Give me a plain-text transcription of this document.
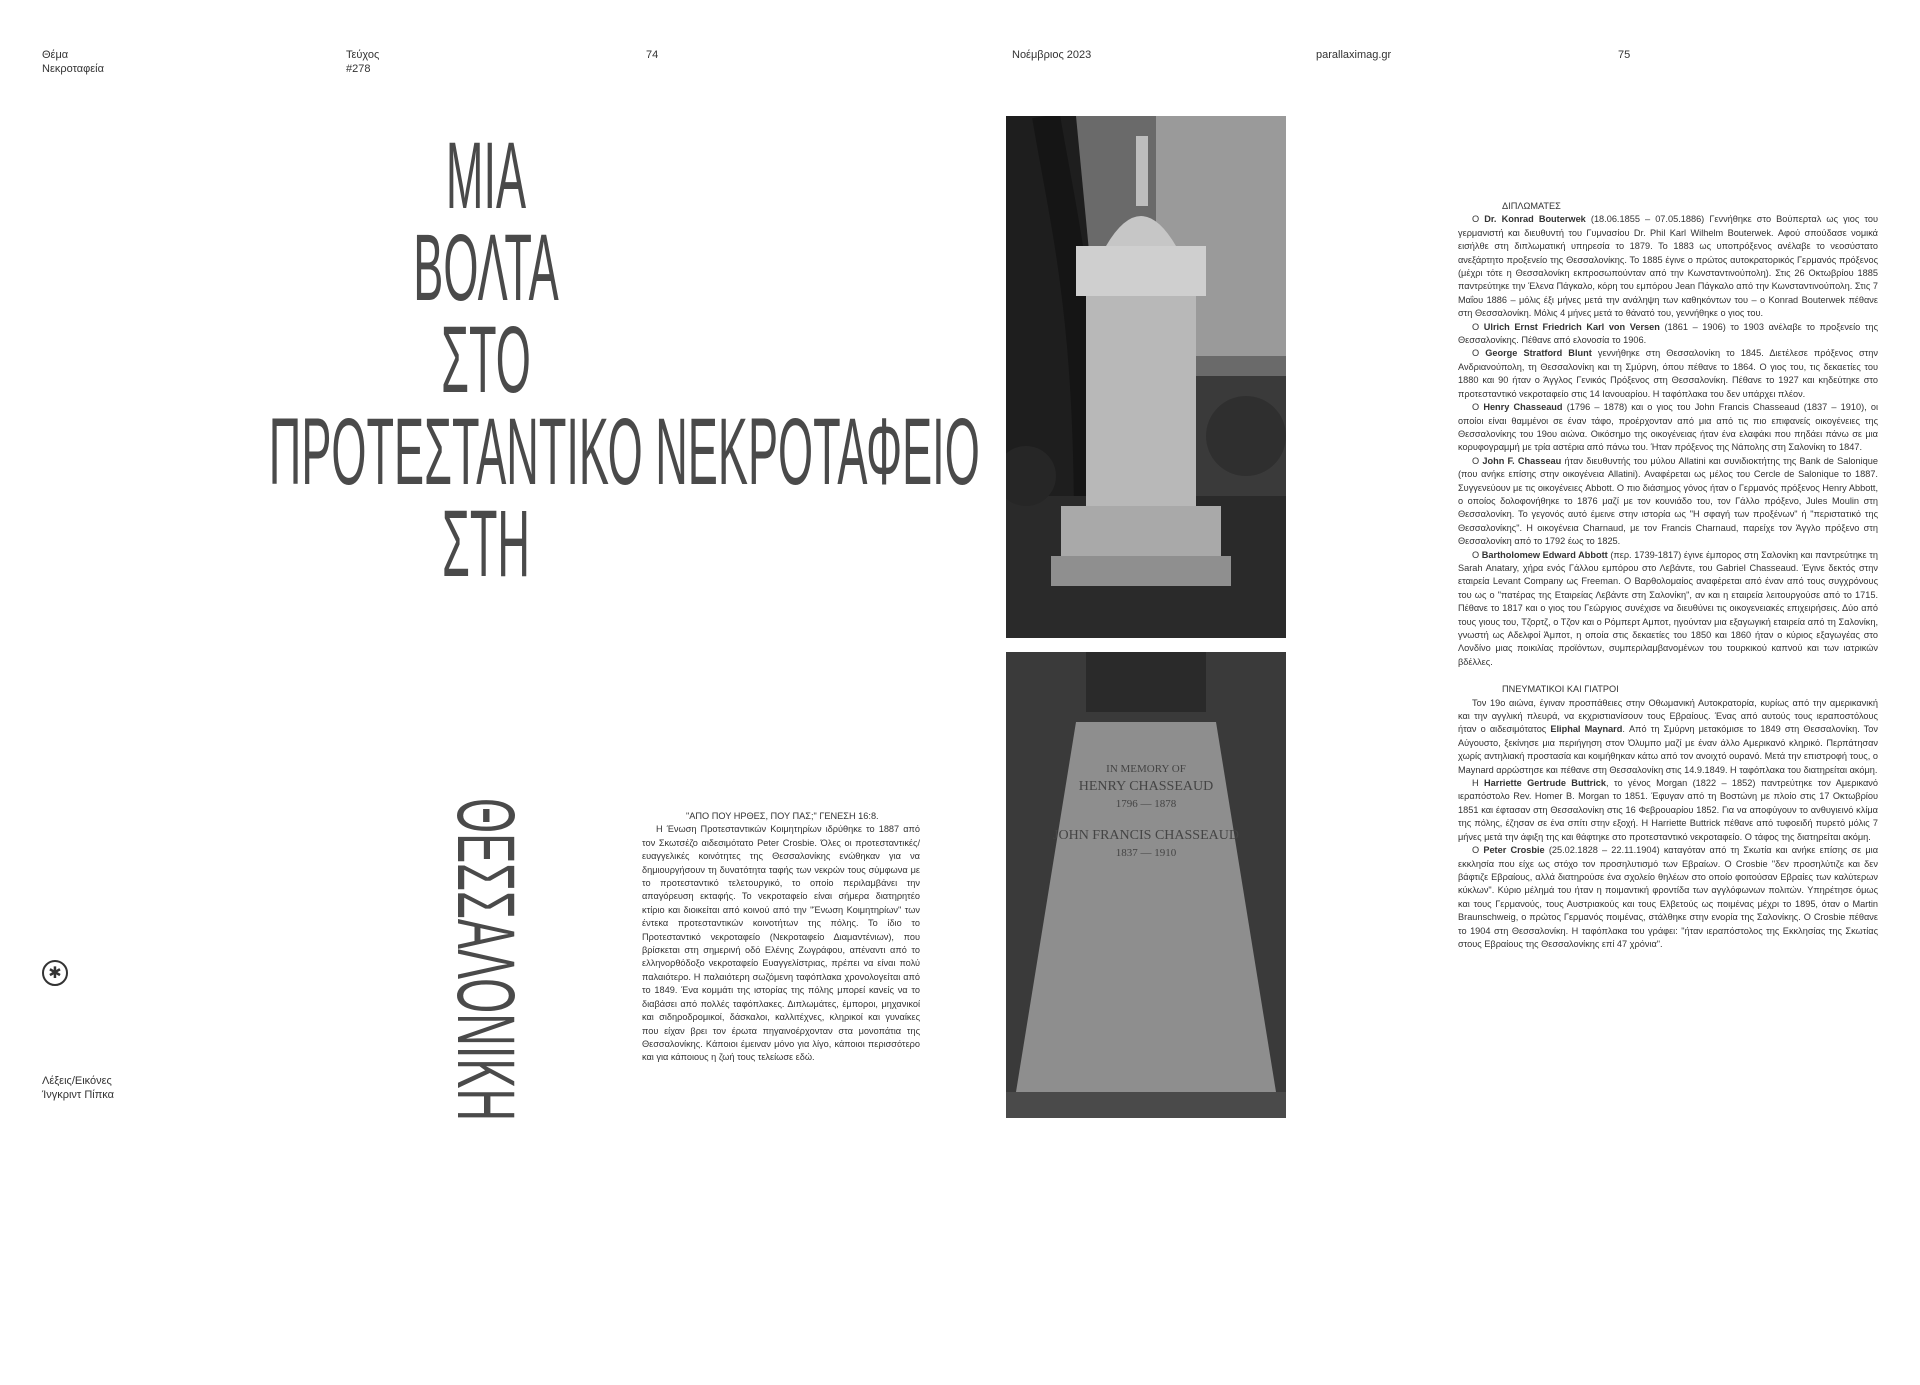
Θέμα
Νεκροταφεία
Τεύχος
#278
74	Νοέμβριος 2023	parallaximag.gr	75
ΜΙΑ
ΒΟΛΤΑ
ΣΤΟ
ΠΡΟΤΕΣΤΑΝΤΙΚΟ ΝΕΚΡΟΤΑΦΕΙΟ
ΣΤΗ
ΘΕΣΣΑΛΟΝΙΚΗ
✱
Λέξεις/Εικόνες
Ίνγκριντ Πίπκα

"ΑΠΟ ΠΟΥ ΗΡΘΕΣ, ΠΟΥ ΠΑΣ;" ΓΕΝΕΣΗ 16:8.

Η Ένωση Προτεσταντικών Κοιμητηρίων ιδρύθηκε το 1887 από τον Σκωτσέζο αιδεσιμότατο Peter Crosbie. Όλες οι προτεσταντικές/ευαγγελικές κοινότητες της Θεσσαλονίκης ενώθηκαν για να δημιουργήσουν τη δυνατότητα ταφής των νεκρών τους σύμφωνα με το προτεσταντικό τελετουργικό, το οποίο περιλαμβάνει την απαγόρευση εκταφής. Το νεκροταφείο είναι σήμερα διατηρητέο κτίριο και διοικείται από κοινού από την "Ένωση Κοιμητηρίων" των έντεκα προτεσταντικών κοινοτήτων της πόλης. Το ίδιο το Προτεσταντικό νεκροταφείο (Νεκροταφείο Διαμαντένιων), που βρίσκεται στη σημερινή οδό Ελένης Ζωγράφου, απέναντι από το ελληνορθόδοξο νεκροταφείο Ευαγγελίστριας, πρέπει να είναι πολύ παλαιότερο. Η παλαιότερη σωζόμενη ταφόπλακα χρονολογείται από το 1849. Ένα κομμάτι της ιστορίας της πόλης μπορεί κανείς να το διαβάσει από πολλές ταφόπλακες. Διπλωμάτες, έμποροι, μηχανικοί και σιδηροδρομικοί, δάσκαλοι, καλλιτέχνες, κληρικοί και γυναίκες που είχαν βρει τον έρωτα πηγαινοέρχονταν στα μονοπάτια της Θεσσαλονίκης. Κάποιοι έμειναν μόνο για λίγο, κάποιοι περισσότερο και για κάποιους η ζωή τους τελείωσε εδώ.

IN MEMORY OF
HENRY CHASSEAUD
1796 — 1878
JOHN FRANCIS CHASSEAUD
1837 — 1910

ΔΙΠΛΩΜΑΤΕΣ

Ο Dr. Konrad Bouterwek (18.06.1855 – 07.05.1886) Γεννήθηκε στο Βούπερταλ ως γιος του γερμανιστή και διευθυντή του Γυμνασίου Dr. Phil Karl Wilhelm Bouterwek. Αφού σπούδασε νομικά εισήλθε στη διπλωματική υπηρεσία το 1879. Το 1883 ως υποπρόξενος ανέλαβε το νεοσύστατο ανεξάρτητο προξενείο της Θεσσαλονίκης. Το 1885 έγινε ο πρώτος αυτοκρατορικός Γερμανός πρόξενος (μέχρι τότε η Θεσσαλονίκη εκπροσωπούνταν από την Κωνσταντινούπολη). Στις 26 Οκτωβρίου 1885 παντρεύτηκε την Έλενα Πάγκαλο, κόρη του εμπόρου Jean Πάγκαλο από την Κωνσταντινούπολη. Στις 7 Μαΐου 1886 – μόλις έξι μήνες μετά την ανάληψη των καθηκόντων του – ο Konrad Bouterwek πέθανε στη Θεσσαλονίκη. Μόλις 4 μήνες μετά το θάνατό του, γεννήθηκε ο γιος του.

Ο Ulrich Ernst Friedrich Karl von Versen (1861 – 1906) το 1903 ανέλαβε το προξενείο της Θεσσαλονίκης. Πέθανε από ελονοσία το 1906.

Ο George Stratford Blunt γεννήθηκε στη Θεσσαλονίκη το 1845. Διετέλεσε πρόξενος στην Ανδριανούπολη, τη Θεσσαλονίκη και τη Σμύρνη, όπου πέθανε το 1864. Ο γιος του, τις δεκαετίες του 1880 και 90 ήταν ο Άγγλος Γενικός Πρόξενος στη Θεσσαλονίκη. Πέθανε το 1927 και κηδεύτηκε στο προτεσταντικό νεκροταφείο στις 14 Ιανουαρίου. Η ταφόπλακα του δεν υπάρχει πλέον.

Ο Henry Chasseaud (1796 – 1878) και ο γιος του John Francis Chasseaud (1837 – 1910), οι οποίοι είναι θαμμένοι σε έναν τάφο, προέρχονταν από μια από τις πιο επιφανείς οικογένειες της Θεσσαλονίκης του 19ου αιώνα. Οικόσημο της οικογένειας ήταν ένα ελαφάκι που πηδάει πάνω σε μια κορυφογραμμή με τρία αστέρια από πάνω του. Ήταν πρόξενος της Νάπολης στη Σαλονίκη το 1847.

Ο John F. Chasseau ήταν διευθυντής του μύλου Allatini και συνιδιοκτήτης της Bank de Salonique (που ανήκε επίσης στην οικογένεια Allatini). Αναφέρεται ως μέλος του Cercle de Salonique το 1887. Συγγενεύουν με τις οικογένειες Abbott. Ο πιο διάσημος γόνος ήταν ο Γερμανός πρόξενος Henry Abbott, ο οποίος δολοφονήθηκε το 1876 μαζί με τον κουνιάδο του, τον Γάλλο πρόξενο, Jules Moulin στη Θεσσαλονίκη. Το γεγονός αυτό έμεινε στην ιστορία ως "Η σφαγή των προξένων" ή "περιστατικό της Θεσσαλονίκης". Η οικογένεια Charnaud, με τον Francis Charnaud, παρείχε τον Άγγλο πρόξενο στη Θεσσαλονίκη από το 1792 έως το 1825.

Ο Bartholomew Edward Abbott (περ. 1739-1817) έγινε έμπορος στη Σαλονίκη και παντρεύτηκε τη Sarah Anatary, χήρα ενός Γάλλου εμπόρου στο Λεβάντε, του Gabriel Chasseaud. Έγινε δεκτός στην εταιρεία Levant Company ως Freeman. Ο Βαρθολομαίος αναφέρεται από έναν από τους συγχρόνους του ως ο "πατέρας της Εταιρείας Λεβάντε στη Σαλονίκη", αν και η εταιρεία λειτουργούσε από το 1715. Πέθανε το 1817 και ο γιος του Γεώργιος συνέχισε να διευθύνει τις οικογενειακές επιχειρήσεις. Δύο από τους γιους του, Τζορτζ, ο Τζον και ο Ρόμπερτ Αμποτ, ηγούνταν μια εξαγωγική εταιρεία από τη Σαλονίκη, γνωστή ως Αδελφοί Άμποτ, η οποία στις δεκαετίες του 1850 και 1860 ήταν ο κύριος εξαγωγέας στο Λονδίνο μιας ποικιλίας προϊόντων, συμπεριλαμβανομένων του τουρκικού καπνού και των ιατρικών βδέλλες.

ΠΝΕΥΜΑΤΙΚΟΙ ΚΑΙ ΓΙΑΤΡΟΙ

Τον 19ο αιώνα, έγιναν προσπάθειες στην Οθωμανική Αυτοκρατορία, κυρίως από την αμερικανική και την αγγλική πλευρά, να εκχριστιανίσουν τους Εβραίους. Ένας από αυτούς τους ιεραποστόλους ήταν ο αιδεσιμότατος Eliphal Maynard. Από τη Σμύρνη μετακόμισε το 1849 στη Θεσσαλονίκη. Τον Αύγουστο, ξεκίνησε μια περιήγηση στον Όλυμπο μαζί με έναν άλλο Αμερικανό κληρικό. Περπάτησαν χωρίς αντηλιακή προστασία και κοιμήθηκαν κάτω από τον ανοιχτό ουρανό. Μετά την επιστροφή τους, ο Maynard αρρώστησε και πέθανε στη Θεσσαλονίκη στις 14.9.1849. Η ταφόπλακα του διατηρείται ακόμη.

Η Harriette Gertrude Buttrick, το γένος Morgan (1822 – 1852) παντρεύτηκε τον Αμερικανό ιεραπόστολο Rev. Homer B. Morgan το 1851. Έφυγαν από τη Βοστώνη με πλοίο στις 17 Οκτωβρίου 1851 και έφτασαν στη Θεσσαλονίκη στις 16 Φεβρουαρίου 1852. Για να αποφύγουν το ανθυγιεινό κλίμα της πόλης, έζησαν σε ένα σπίτι στην εξοχή. Η Harriette Buttrick πέθανε από τυφοειδή πυρετό μόλις 7 μήνες μετά την άφιξη της και θάφτηκε στο προτεσταντικό νεκροταφείο. Ο τάφος της διατηρείται ακόμη.

Ο Peter Crosbie (25.02.1828 – 22.11.1904) καταγόταν από τη Σκωτία και ανήκε επίσης σε μια εκκλησία που είχε ως στόχο τον προσηλυτισμό των Εβραίων. Ο Crosbie "δεν προσηλύτιζε και δεν βάφτιζε Εβραίους, αλλά διατηρούσε ένα σχολείο θηλέων στο οποίο φοιτούσαν Εβραίες των καλύτερων κύκλων". Κύριο μέλημά του ήταν η ποιμαντική φροντίδα των αγγλόφωνων πολιτών. Υπηρέτησε όμως και τους Γερμανούς, τους Αυστριακούς και τους Ελβετούς ως ποιμένας μέχρι το 1895, όταν ο Martin Braunschweig, ο πρώτος Γερμανός ποιμένας, στάλθηκε στην ενορία της Σαλονίκης. Ο Crosbie πέθανε το 1904 στη Θεσσαλονίκη. Η ταφόπλακα του γράφει: "ήταν ιεραπόστολος της Εκκλησίας της Σκωτίας στους Εβραίους της Θεσσαλονίκης επί 47 χρόνια".
